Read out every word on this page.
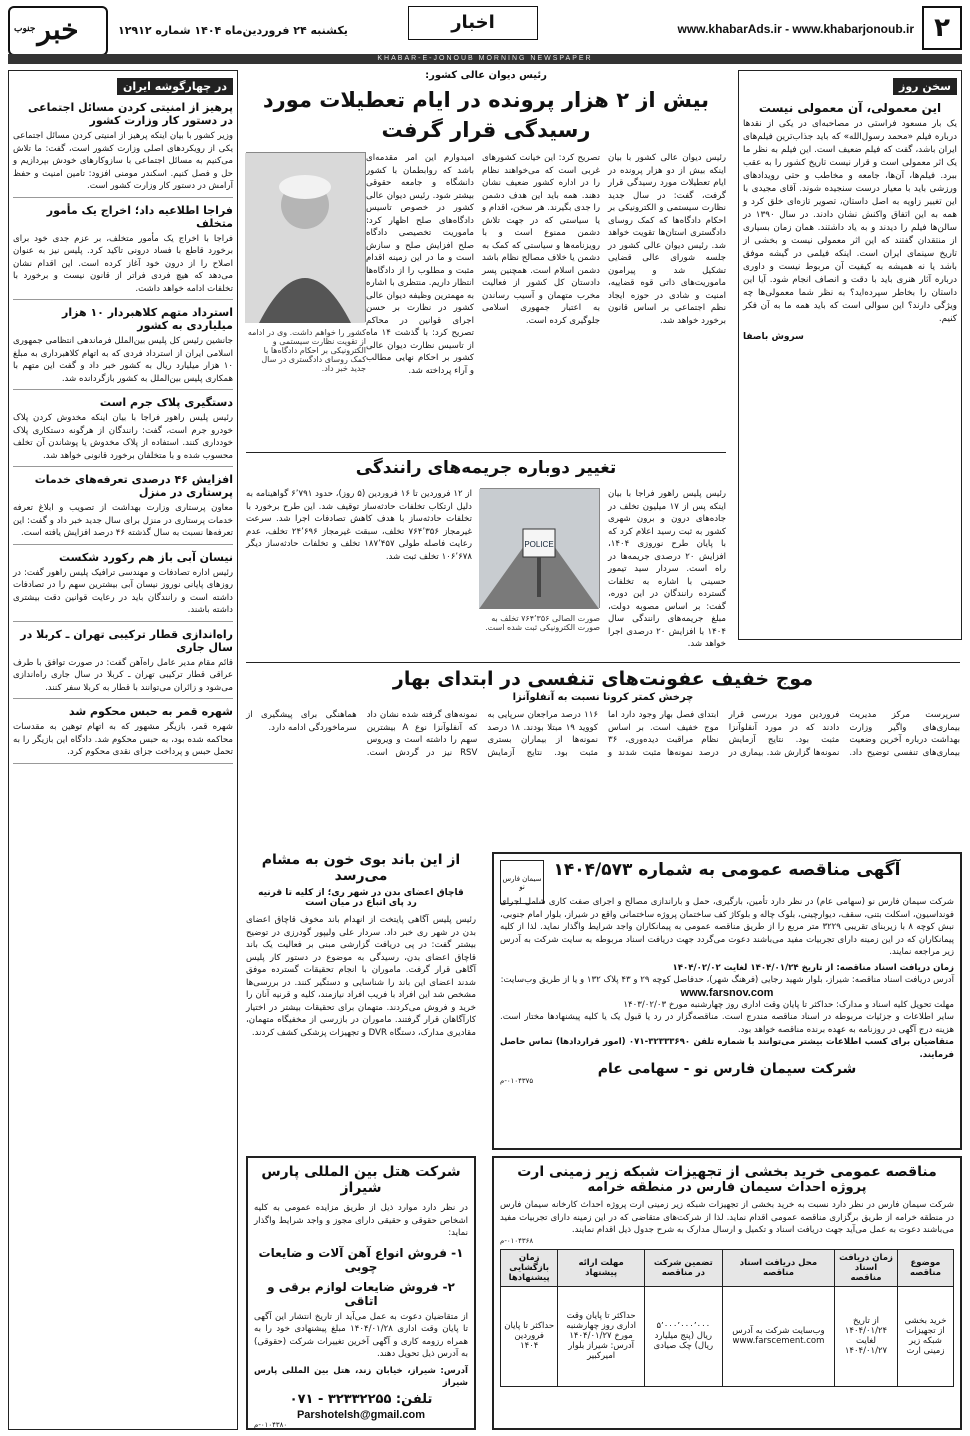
۲
www.khabarAds.ir - www.khabarjonoub.ir
اخبار
یکشنبه ۲۴ فروردین‌ماه ۱۴۰۴ شماره ۱۲۹۱۲
خبر
جنوب
KHABAR-E-JONOUB MORNING NEWSPAPER
سخن روز
این معمولی، آن معمولی نیست
یک بار مسعود فراستی در مصاحبه‌ای در یکی از نقدها درباره فیلم «محمد رسول‌الله» که باید جذاب‌ترین فیلم‌های ایران باشد، گفت که فیلم ضعیف است. این فیلم به نظر ما یک اثر معمولی است و قرار نیست تاریخ کشور را به عقب ببرد. فیلم‌ها، آن‌ها، جامعه و مخاطب و حتی رویدادهای ورزشی باید با معیار درست سنجیده شوند. آقای مجیدی با این تغییر زاویه به اصل داستان، تصویر تازه‌ای خلق کرد و همه به این اتفاق واکنش نشان دادند. در سال ۱۳۹۰ در سالن‌ها فیلم را دیدند و به یاد داشتند. همان زمان بسیاری از منتقدان گفتند که این اثر معمولی نیست و بخشی از تاریخ سینمای ایران است. اینکه فیلمی در گیشه موفق باشد یا نه همیشه به کیفیت آن مربوط نیست و داوری درباره آثار هنری باید با دقت و انصاف انجام شود. آیا این داستان را بخاطر سپرده‌اید؟ به نظر شما معمولی‌ها چه ویژگی دارند؟ این سوالی است که باید همه ما به آن فکر کنیم.
سروش باصفا
رئیس دیوان عالی کشور:
بیش از ۲ هزار پرونده در ایام تعطیلات مورد رسیدگی قرار گرفت
رئیس دیوان عالی کشور با بیان اینکه بیش از دو هزار پرونده در ایام تعطیلات مورد رسیدگی قرار گرفت، گفت: در سال جدید نظارت سیستمی و الکترونیکی بر احکام دادگاه‌ها که کمک روسای دادگستری استان‌ها تقویت خواهد شد. رئیس دیوان عالی کشور در جلسه شورای عالی قضایی تشکیل شد و پیرامون ماموریت‌های ذاتی قوه قضاییه، امنیت و شادی در حوزه ایجاد نظم اجتماعی بر اساس قانون برخورد خواهد شد.
تصریح کرد: این خیانت کشورهای غربی است که می‌خواهند نظام را در اداره کشور ضعیف نشان دهند. همه باید این هدف دشمن را جدی بگیرند. هر سخن، اقدام و یا سیاستی که در جهت تلاش دشمن ممنوع است و با رویزنامه‌ها و سیاستی که کمک به دشمن یا خلاف مصالح نظام باشد دشمن اسلام است. همچنین پسر دادستان کل کشور از فعالیت مخرب متهمان و آسیب رساندن به اعتبار جمهوری اسلامی جلوگیری کرده است.
امیدوارم این امر مقدمه‌ای باشد که روابطمان با کشور دانشگاه و جامعه حقوقی بیشتر شود. رئیس دیوان عالی کشور در خصوص تاسیس دادگاه‌های صلح اظهار کرد: ماموریت تخصیصی دادگاه صلح افزایش صلح و سازش است و ما در این زمینه اقدام مثبت و مطلوب را از دادگاه‌ها انتظار داریم. منتظری با اشاره به مهمترین وظیفه دیوان عالی کشور در نظارت بر حسن اجرای قوانین در محاکم تصریح کرد: با گذشت ۱۴ ماه از تاسیس نظارت دیوان عالی کشور بر احکام نهایی مطالب و آراء پرداخته شد.
کشور را خواهم داشت. وی در ادامه از تقویت نظارت سیستمی و الکترونیکی بر احکام دادگاه‌ها با کمک روسای دادگستری در سال جدید خبر داد.
تغییر دوباره جریمه‌های رانندگی
رئیس پلیس راهور فراجا با بیان اینکه پس از ۱۷ میلیون تخلف در جاده‌های درون و برون شهری کشور به ثبت رسید اعلام کرد که با پایان طرح نوروزی ۱۴۰۴، افزایش ۲۰ درصدی جریمه‌ها در راه است. سردار سید تیمور حسینی با اشاره به تخلفات گسترده رانندگان در این دوره، گفت: بر اساس مصوبه دولت، مبلغ جریمه‌های رانندگی سال ۱۴۰۴ با افزایش ۲۰ درصدی اجرا خواهد شد.
POLICE
صورت الصالی ۷۶۴٬۳۵۶ تخلف به صورت الکترونیکی ثبت شده است.
از ۱۲ فروردین تا ۱۶ فروردین (۵ روز)، حدود ۶٬۷۹۱ گواهینامه به دلیل ارتکاب تخلفات حادثه‌ساز توقیف شد. این طرح برخورد با تخلفات حادثه‌ساز با هدف کاهش تصادفات اجرا شد. سرعت غیرمجاز ۷۶۴٬۳۵۶ تخلف، سبقت غیرمجاز ۲۴٬۶۹۶ تخلف، عدم رعایت فاصله طولی ۱۸۷٬۴۵۷ تخلف و تخلفات حادثه‌ساز دیگر ۱۰۶٬۶۷۸ تخلف ثبت شد.
موج خفیف عفونت‌های تنفسی در ابتدای بهار
چرخش کمتر کرونا نسبت به آنفلوآنزا
سرپرست مرکز مدیریت بیماری‌های واگیر وزارت بهداشت درباره آخرین وضعیت بیماری‌های تنفسی توضیح داد. فروردین مورد بررسی قرار دادند که در مورد آنفلوآنزا مثبت بود. نتایج آزمایش نمونه‌ها گزارش شد. بیماری در ابتدای فصل بهار وجود دارد اما موج خفیف است. بر اساس نظام مراقبت دیده‌وری، ۳۶ درصد نمونه‌ها مثبت شدند و ۱۱۶ درصد مراجعان سرپایی به کووید ۱۹ مبتلا بودند. ۱۸ درصد نمونه‌ها از بیماران بستری مثبت بود. نتایج آزمایش نمونه‌های گرفته شده نشان داد که آنفلوآنزا نوع A بیشترین سهم را داشته است و ویروس RSV نیز در گردش است. هماهنگی برای پیشگیری از سرماخوردگی ادامه دارد.
در چهارگوشه ایران
پرهیز از امنیتی کردن مسائل اجتماعی در دستور کار وزارت کشور
وزیر کشور با بیان اینکه پرهیز از امنیتی کردن مسائل اجتماعی یکی از رویکردهای اصلی وزارت کشور است، گفت: ما تلاش می‌کنیم به مسائل اجتماعی با سازوکارهای خودش بپردازیم و حل و فصل کنیم. اسکندر مومنی افزود: تامین امنیت و حفظ آرامش در دستور کار وزارت کشور است.
فراجا اطلاعیه داد؛ اخراج یک مأمور متخلف
فراجا با اخراج یک مأمور متخلف، بر عزم جدی خود برای برخورد قاطع با فساد درونی تاکید کرد. پلیس نیز به عنوان اصلاح را از درون خود آغاز کرده است. این اقدام نشان می‌دهد که هیچ فردی فراتر از قانون نیست و برخورد با تخلفات ادامه خواهد داشت.
استرداد متهم کلاهبردار ۱۰ هزار میلیاردی به کشور
جانشین رئیس کل پلیس بین‌الملل فرماندهی انتظامی جمهوری اسلامی ایران از استرداد فردی که به اتهام کلاهبرداری به مبلغ ۱۰ هزار میلیارد ریال به کشور خبر داد و گفت این متهم با همکاری پلیس بین‌الملل به کشور بازگردانده شد.
دستگیری پلاک جرم است
رئیس پلیس راهور فراجا با بیان اینکه مخدوش کردن پلاک خودرو جرم است، گفت: رانندگان از هرگونه دستکاری پلاک خودداری کنند. استفاده از پلاک مخدوش یا پوشاندن آن تخلف محسوب شده و با متخلفان برخورد قانونی خواهد شد.
افزایش ۴۶ درصدی تعرفه‌های خدمات پرستاری در منزل
معاون پرستاری وزارت بهداشت از تصویب و ابلاغ تعرفه خدمات پرستاری در منزل برای سال جدید خبر داد و گفت: این تعرفه‌ها نسبت به سال گذشته ۴۶ درصد افزایش یافته است.
نیسان آبی باز هم رکورد شکست
رئیس اداره تصادفات و مهندسی ترافیک پلیس راهور گفت: در روزهای پایانی نوروز نیسان آبی بیشترین سهم را در تصادفات داشته است و رانندگان باید در رعایت قوانین دقت بیشتری داشته باشند.
راه‌اندازی قطار ترکیبی تهران ـ کربلا در سال جاری
قائم مقام مدیر عامل راه‌آهن گفت: در صورت توافق با طرف عراقی قطار ترکیبی تهران ـ کربلا در سال جاری راه‌اندازی می‌شود و زائران می‌توانند با قطار به کربلا سفر کنند.
شهره قمر به حبس محکوم شد
شهره قمر، بازیگر مشهور که به اتهام توهین به مقدسات محاکمه شده بود، به حبس محکوم شد. دادگاه این بازیگر را به تحمل حبس و پرداخت جزای نقدی محکوم کرد.
سیمان فارس نو
آگهی مناقصه عمومی به شماره ۱۴۰۴/۵۷۳
شرکت سیمان فارس نو (سهامی عام) در نظر دارد تأمین، بارگیری، حمل و باراندازی مصالح و اجرای صفت کاری شامل اجرای فونداسیون، اسکلت بتنی، سقف، دیوارچینی، بلوک چاله و بلوکاژ کف ساختمان پروژه ساختمانی واقع در شیراز، بلوار امام جنوبی، نبش کوچه ۸ با زیربنای تقریبی ۳۲۲۹ متر مربع را از طریق مناقصه عمومی به پیمانکاران واجد شرایط واگذار نماید. لذا از کلیه پیمانکاران که در این زمینه دارای تجربیات مفید می‌باشند دعوت می‌گردد جهت دریافت اسناد مربوطه به سایت شرکت به آدرس زیر مراجعه نمایند.
زمان دریافت اسناد مناقصه: از تاریخ ۱۴۰۴/۰۱/۲۴ لغایت ۱۴۰۴/۰۲/۰۲
آدرس دریافت اسناد مناقصه: شیراز، بلوار شهید رجایی (فرهنگ شهر)، حدفاصل کوچه ۲۹ و ۴۳ پلاک ۱۳۲ و یا از طریق وب‌سایت:
www.farsnov.com
مهلت تحویل کلیه اسناد و مدارک: حداکثر تا پایان وقت اداری روز چهارشنبه مورخ ۱۴۰۳/۰۲/۰۳
سایر اطلاعات و جزئیات مربوطه در اسناد مناقصه مندرج است. مناقصه‌گزار در رد یا قبول یک یا کلیه پیشنهادها مختار است. هزینه درج آگهی در روزنامه به عهده برنده مناقصه خواهد بود.
متقاضیان برای کسب اطلاعات بیشتر می‌توانند با شماره تلفن ۳۲۳۳۳۶۹۰-۰۷۱ (امور قراردادها) تماس حاصل فرمایند.
شرکت سیمان فارس نو - سهامی عام
۰۱۰۴۳۷۵-م
از این باند بوی خون به مشام می‌رسد
قاچاق اعضای بدن در شهر ری؛ از کلیه تا قرنیه
رد پای اتباع در میان است
رئیس پلیس آگاهی پایتخت از انهدام باند مخوف قاچاق اعضای بدن در شهر ری خبر داد. سردار علی ولیپور گودرزی در توضیح بیشتر گفت: در پی دریافت گزارشی مبنی بر فعالیت یک باند قاچاق اعضای بدن، رسیدگی به موضوع در دستور کار پلیس آگاهی قرار گرفت. ماموران با انجام تحقیقات گسترده موفق شدند اعضای این باند را شناسایی و دستگیر کنند. در بررسی‌ها مشخص شد این افراد با فریب افراد نیازمند، کلیه و قرنیه آنان را خرید و فروش می‌کردند. متهمان برای تحقیقات بیشتر در اختیار کارآگاهان قرار گرفتند. ماموران در بازرسی از مخفیگاه متهمان، مقادیری مدارک، دستگاه DVR و تجهیزات پزشکی کشف کردند.
مناقصه عمومی خرید بخشی از تجهیزات شبکه زیر زمینی ارت
پروژه احداث سیمان فارس در منطقه خرامه
شرکت سیمان فارس در نظر دارد نسبت به خرید بخشی از تجهیزات شبکه زیر زمینی ارت پروژه احداث کارخانه سیمان فارس در منطقه خرامه از طریق برگزاری مناقصه عمومی اقدام نماید. لذا از شرکت‌های متقاضی که در این زمینه دارای تجربیات مفید می‌باشند دعوت به عمل می‌آید جهت دریافت اسناد و تکمیل و ارسال مدارک به شرح جدول ذیل اقدام نمایند.
۰۱۰۴۳۶۸-م
موضوع مناقصه	زمان دریافت اسناد مناقصه	محل دریافت اسناد مناقصه	تضمین شرکت در مناقصه	مهلت ارائه پیشنهاد	زمان بازگشایی پیشنهادها
خرید بخشی از تجهیزات شبکه زیر زمینی ارت	از تاریخ ۱۴۰۴/۰۱/۲۴ لغایت ۱۴۰۴/۰۱/۲۷	وب‌سایت شرکت به آدرس www.farscement.com	۵٬۰۰۰٬۰۰۰٬۰۰۰ ریال (پنج میلیارد ریال) چک صیادی	حداکثر تا پایان وقت اداری روز چهارشنبه مورخ ۱۴۰۴/۰۱/۲۷ آدرس: شیراز بلوار امیرکبیر	حداکثر تا پایان فروردین ۱۴۰۴
شرکت هتل بین المللی پارس شیراز
در نظر دارد موارد ذیل از طریق مزایده عمومی به کلیه اشخاص حقوقی و حقیقی دارای مجوز و واجد شرایط واگذار نماید:
۱- فروش انواع آهن آلات و ضایعات چوبی
۲- فروش ضایعات لوازم برقی و اتاقی
از متقاضیان دعوت به عمل می‌آید از تاریخ انتشار این آگهی تا پایان وقت اداری ۱۴۰۴/۰۱/۲۸ مبلغ پیشنهادی خود را به همراه رزومه کاری و آگهی آخرین تغییرات شرکت (حقوقی) به آدرس ذیل تحویل دهند.
آدرس: شیراز، خیابان زند، هتل بین المللی پارس شیراز
تلفن: ۳۲۳۳۲۲۵۵ - ۰۷۱
Parshotelsh@gmail.com
۰۱۰۴۳۸۰-م
